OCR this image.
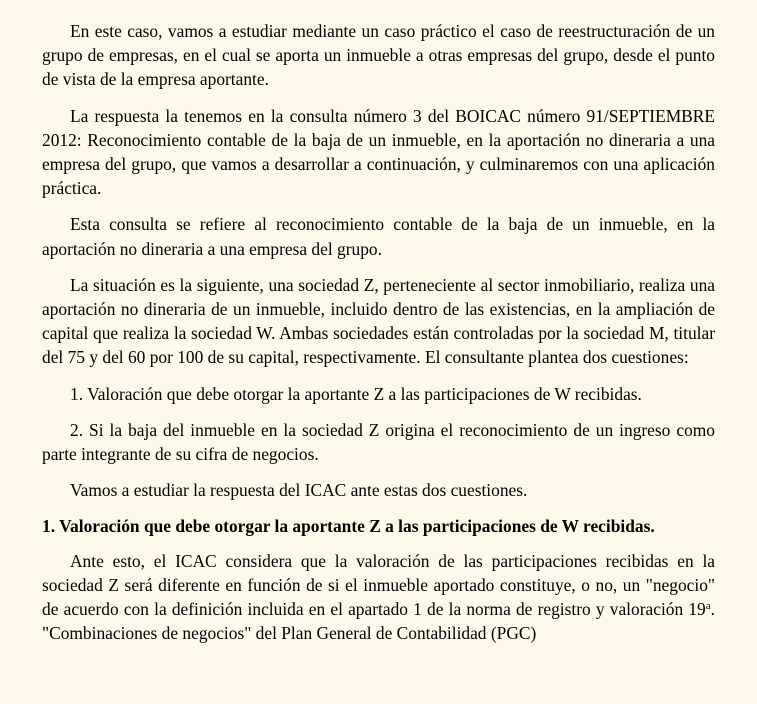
En este caso, vamos a estudiar mediante un caso práctico el caso de reestructuración de un grupo de empresas, en el cual se aporta un inmueble a otras empresas del grupo, desde el punto de vista de la empresa aportante.

La respuesta la tenemos en la consulta número 3 del BOICAC número 91/SEPTIEMBRE 2012: Reconocimiento contable de la baja de un inmueble, en la aportación no dineraria a una empresa del grupo, que vamos a desarrollar a continuación, y culminaremos con una aplicación práctica.

Esta consulta se refiere al reconocimiento contable de la baja de un inmueble, en la aportación no dineraria a una empresa del grupo.

La situación es la siguiente, una sociedad Z, perteneciente al sector inmobiliario, realiza una aportación no dineraria de un inmueble, incluido dentro de las existencias, en la ampliación de capital que realiza la sociedad W. Ambas sociedades están controladas por la sociedad M, titular del 75 y del 60 por 100 de su capital, respectivamente. El consultante plantea dos cuestiones:

1. Valoración que debe otorgar la aportante Z a las participaciones de W recibidas.

2. Si la baja del inmueble en la sociedad Z origina el reconocimiento de un ingreso como parte integrante de su cifra de negocios.

Vamos a estudiar la respuesta del ICAC ante estas dos cuestiones.

1. Valoración que debe otorgar la aportante Z a las participaciones de W recibidas.

Ante esto, el ICAC considera que la valoración de las participaciones recibidas en la sociedad Z será diferente en función de si el inmueble aportado constituye, o no, un "negocio" de acuerdo con la definición incluida en el apartado 1 de la norma de registro y valoración 19$^a$. "Combinaciones de negocios" del Plan General de Contabilidad (PGC)
